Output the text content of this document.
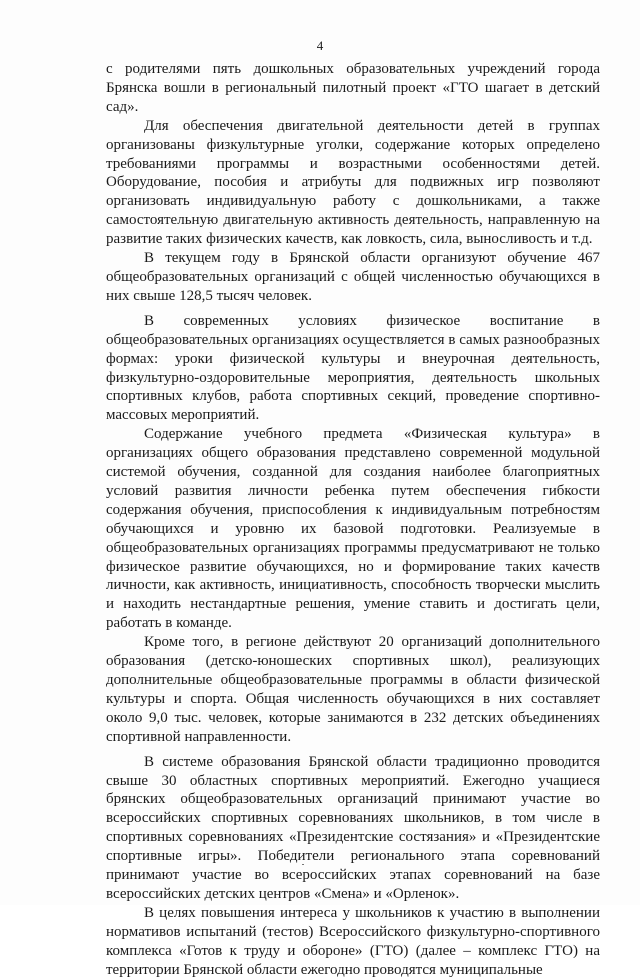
4

с родителями пять дошкольных образовательных учреждений города Брянска вошли в региональный пилотный проект «ГТО шагает в детский сад».

Для обеспечения двигательной деятельности детей в группах организованы физкультурные уголки, содержание которых определено требованиями программы и возрастными особенностями детей. Оборудование, пособия и атрибуты для подвижных игр позволяют организовать индивидуальную работу с дошкольниками, а также самостоятельную двигательную активность деятельность, направленную на развитие таких физических качеств, как ловкость, сила, выносливость и т.д.

В текущем году в Брянской области организуют обучение 467 общеобразовательных организаций с общей численностью обучающихся в них свыше 128,5 тысяч человек.

В современных условиях физическое воспитание в общеобразовательных организациях осуществляется в самых разнообразных формах: уроки физической культуры и внеурочная деятельность, физкультурно-оздоровительные мероприятия, деятельность школьных спортивных клубов, работа спортивных секций, проведение спортивно-массовых мероприятий.

Содержание учебного предмета «Физическая культура» в организациях общего образования представлено современной модульной системой обучения, созданной для создания наиболее благоприятных условий развития личности ребенка путем обеспечения гибкости содержания обучения, приспособления к индивидуальным потребностям обучающихся и уровню их базовой подготовки. Реализуемые в общеобразовательных организациях программы предусматривают не только физическое развитие обучающихся, но и формирование таких качеств личности, как активность, инициативность, способность творчески мыслить и находить нестандартные решения, умение ставить и достигать цели, работать в команде.

Кроме того, в регионе действуют 20 организаций дополнительного образования (детско-юношеских спортивных школ), реализующих дополнительные общеобразовательные программы в области физической культуры и спорта. Общая численность обучающихся в них составляет около 9,0 тыс. человек, которые занимаются в 232 детских объединениях спортивной направленности.

В системе образования Брянской области традиционно проводится свыше 30 областных спортивных мероприятий. Ежегодно учащиеся брянских общеобразовательных организаций принимают участие во всероссийских спортивных соревнованиях школьников, в том числе в спортивных соревнованиях «Президентские состязания» и «Президентские спортивные игры». Победители регионального этапа соревнований принимают участие во всероссийских этапах соревнований на базе всероссийских детских центров «Смена» и «Орленок».

В целях повышения интереса у школьников к участию в выполнении нормативов испытаний (тестов) Всероссийского физкультурно-спортивного комплекса «Готов к труду и обороне» (ГТО) (далее – комплекс ГТО) на территории Брянской области ежегодно проводятся муниципальные
